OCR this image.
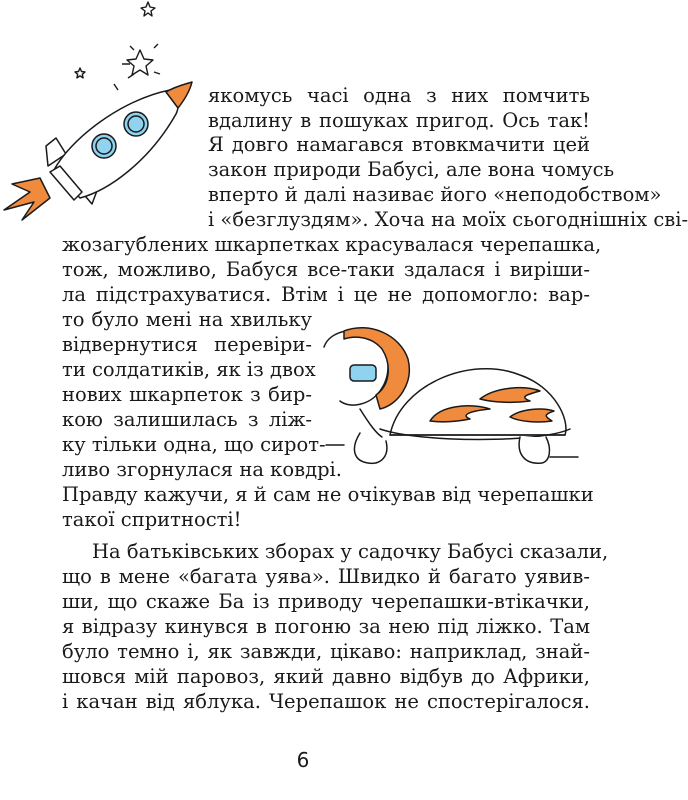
якомусь часі одна з них помчить
вдалину в пошуках пригод. Ось так!
Я довго намагався втовкмачити цей
закон природи Бабусі, але вона чомусь
вперто й далі називає його «неподобством»
і «безглуздям». Хоча на моїх сьогоднішніх сві-
жозагублених шкарпетках красувалася черепашка,
тож, можливо, Бабуся все-таки здалася і виріши-
ла підстрахуватися. Втім і це не допомогло: вар-
то було мені на хвильку
відвернутися перевіри-
ти солдатиків, як із двох
нових шкарпеток з бир-
кою залишилась з ліж-
ку тільки одна, що сирот-
ливо згорнулася на ковдрі.
Правду кажучи, я й сам не очікував від черепашки
такої спритності!
На батьківських зборах у садочку Бабусі сказали,
що в мене «багата уява». Швидко й багато уявив-
ши, що скаже Ба із приводу черепашки-втікачки,
я відразу кинувся в погоню за нею під ліжко. Там
було темно і, як завжди, цікаво: наприклад, знай-
шовся мій паровоз, який давно відбув до Африки,
і качан від яблука. Черепашок не спостерігалося.
6
